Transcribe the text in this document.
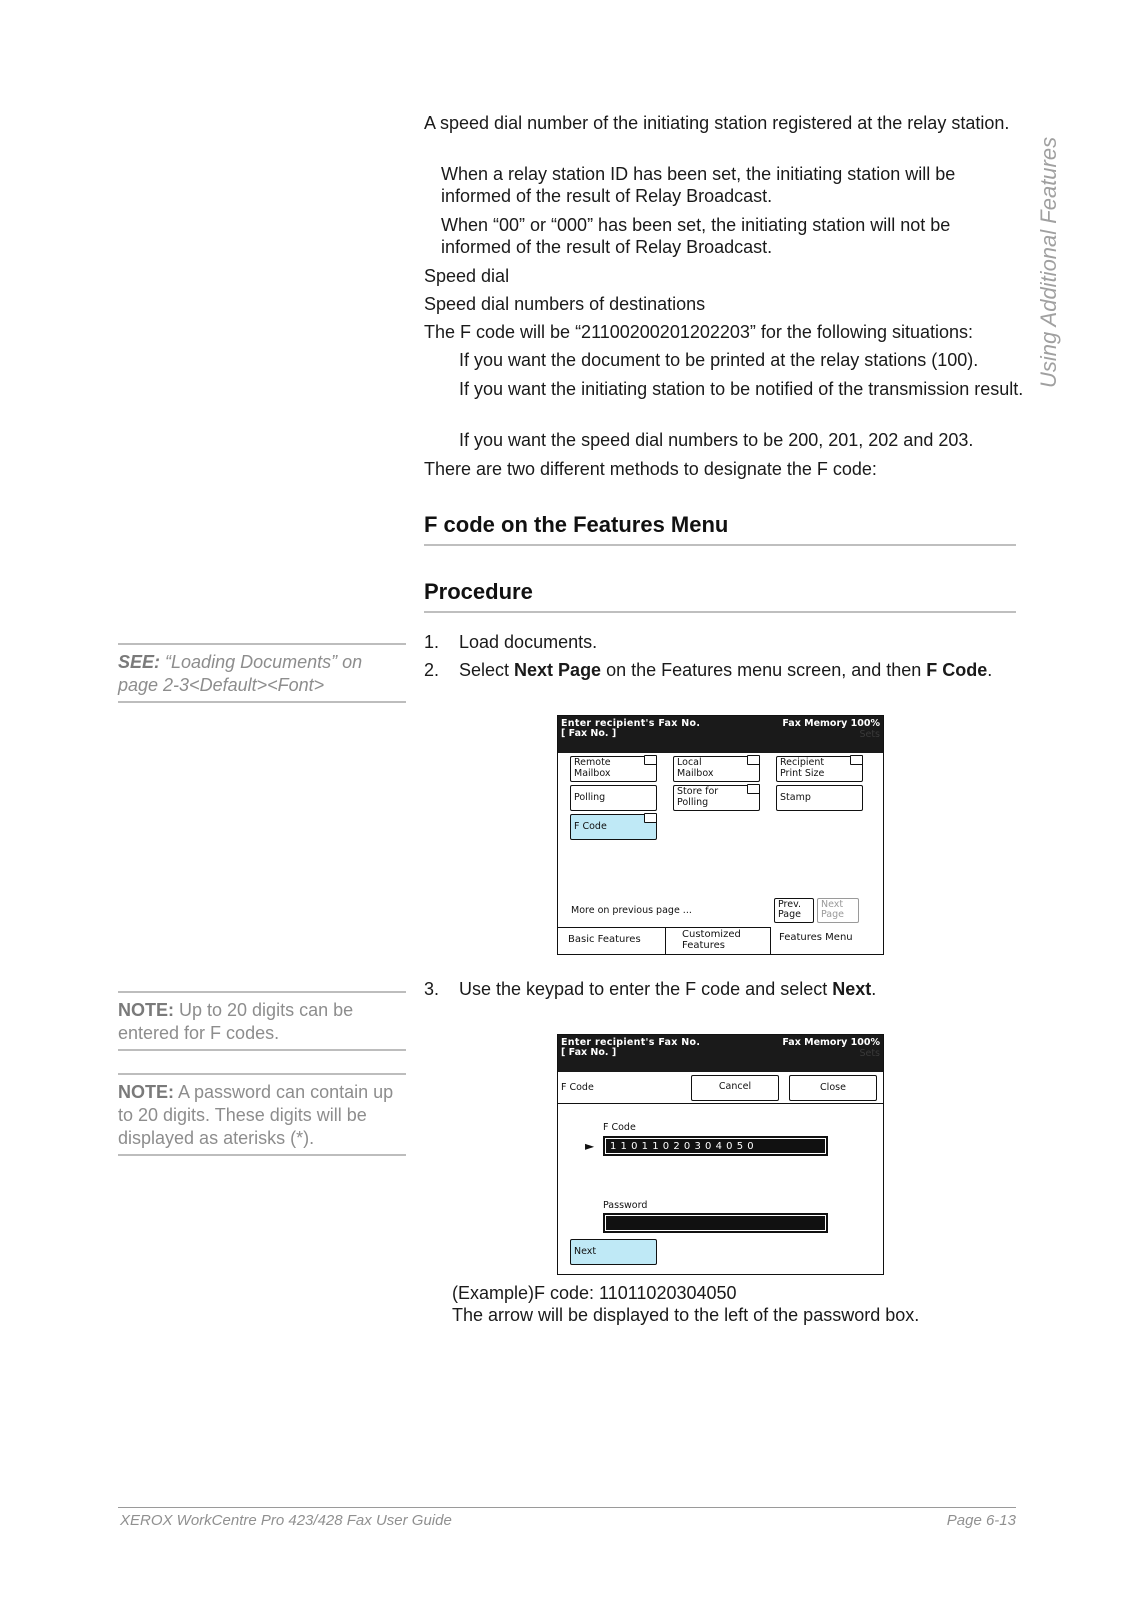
Using Additional Features
A speed dial number of the initiating station registered at the relay station.
When a relay station ID has been set, the initiating station will be informed of the result of Relay Broadcast.
When “00” or “000” has been set, the initiating station will not be informed of the result of Relay Broadcast.
Speed dial
Speed dial numbers of destinations
The F code will be “21100200201202203” for the following situations:
If you want the document to be printed at the relay stations (100).
If you want the initiating station to be notified of the transmission result.
If you want the speed dial numbers to be 200, 201, 202 and 203.
There are two different methods to designate the F code:
F code on the Features Menu
Procedure
SEE: “Loading Documents” on page 2-3<Default><Font>
NOTE: Up to 20 digits can be entered for F codes.
NOTE: A password can contain up to 20 digits. These digits will be displayed as aterisks (*).
1. Load documents.
2. Select Next Page on the Features menu screen, and then F Code.
3. Use the keypad to enter the F code and select Next.
Enter recipient's Fax No.
[ Fax No. ]
Fax Memory 100%
Sets
Remote
Mailbox
Local
Mailbox
Recipient
Print Size
Polling
Store for
Polling	Stamp
F Code
More on previous page ...
Prev.
Page
Next
Page
Basic Features	Customized
Features
Features Menu
Enter recipient's Fax No.
[ Fax No. ]
Fax Memory 100%
Sets
F Code	Cancel	Close
F Code
►	11011020304050
Password
Next
(Example)F code: 11011020304050
The arrow will be displayed to the left of the password box.
XEROX WorkCentre Pro 423/428 Fax User Guide	Page 6-13
